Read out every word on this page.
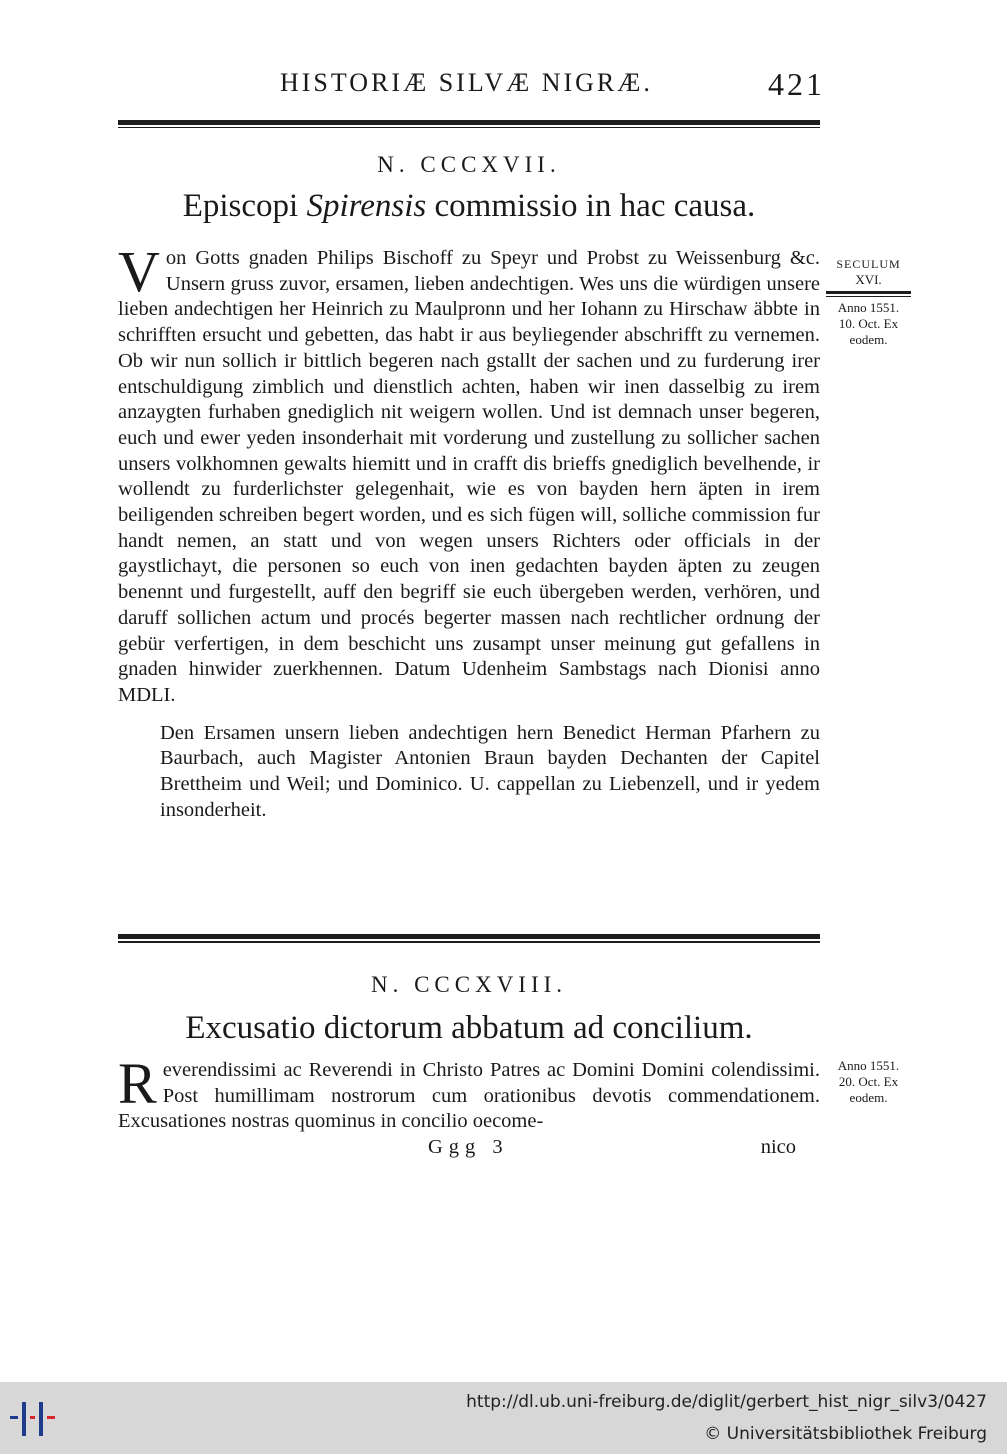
HISTORIÆ SILVÆ NIGRÆ.	421
N. CCCXVII.
Episcopi Spirensis commissio in hac causa.

Von Gotts gnaden Philips Bischoff zu Speyr und Probst zu Weissenburg &c. Unsern gruss zuvor, ersamen, lieben andechtigen. Wes uns die würdigen unsere lieben andechtigen her Heinrich zu Maulpronn und her Iohann zu Hirschaw äbbte in schrifften ersucht und gebetten, das habt ir aus beyliegender abschrifft zu vernemen. Ob wir nun sollich ir bittlich begeren nach gstallt der sachen und zu furderung irer entschuldigung zimblich und dienstlich achten, haben wir inen dasselbig zu irem anzaygten furhaben gnediglich nit weigern wollen. Und ist demnach unser begeren, euch und ewer yeden insonderhait mit vorderung und zustellung zu sollicher sachen unsers volkhomnen gewalts hiemitt und in crafft dis brieffs gnediglich bevelhende, ir wollendt zu furderlichster gelegenhait, wie es von bayden hern äpten in irem beiligenden schreiben begert worden, und es sich fügen will, solliche commission fur handt nemen, an statt und von wegen unsers Richters oder officials in der gaystlichayt, die personen so euch von inen gedachten bayden äpten zu zeugen benennt und furgestellt, auff den begriff sie euch übergeben werden, verhören, und daruff sollichen actum und procés begerter massen nach rechtlicher ordnung der gebür verfertigen, in dem beschicht uns zusampt unser meinung gut gefallens in gnaden hinwider zuerkhennen. Datum Udenheim Sambstags nach Dionisi anno MDLI.

Den Ersamen unsern lieben andechtigen hern Benedict Herman Pfarhern zu Baurbach, auch Magister Antonien Braun bayden Dechanten der Capitel Brettheim und Weil; und Dominico. U. cappellan zu Liebenzell, und ir yedem insonderheit.

SECULUM
XVI.
Anno 1551.
10. Oct. Ex
eodem.
N. CCCXVIII.
Excusatio dictorum abbatum ad concilium.

Reverendissimi ac Reverendi in Christo Patres ac Domini Domini colendissimi. Post humillimam nostrorum cum orationibus devotis commendationem. Excusationes nostras quominus in concilio oecome-

Anno 1551.
20. Oct. Ex
eodem.
Ggg 3	nico
http://dl.ub.uni-freiburg.de/diglit/gerbert_hist_nigr_silv3/0427
© Universitätsbibliothek Freiburg
